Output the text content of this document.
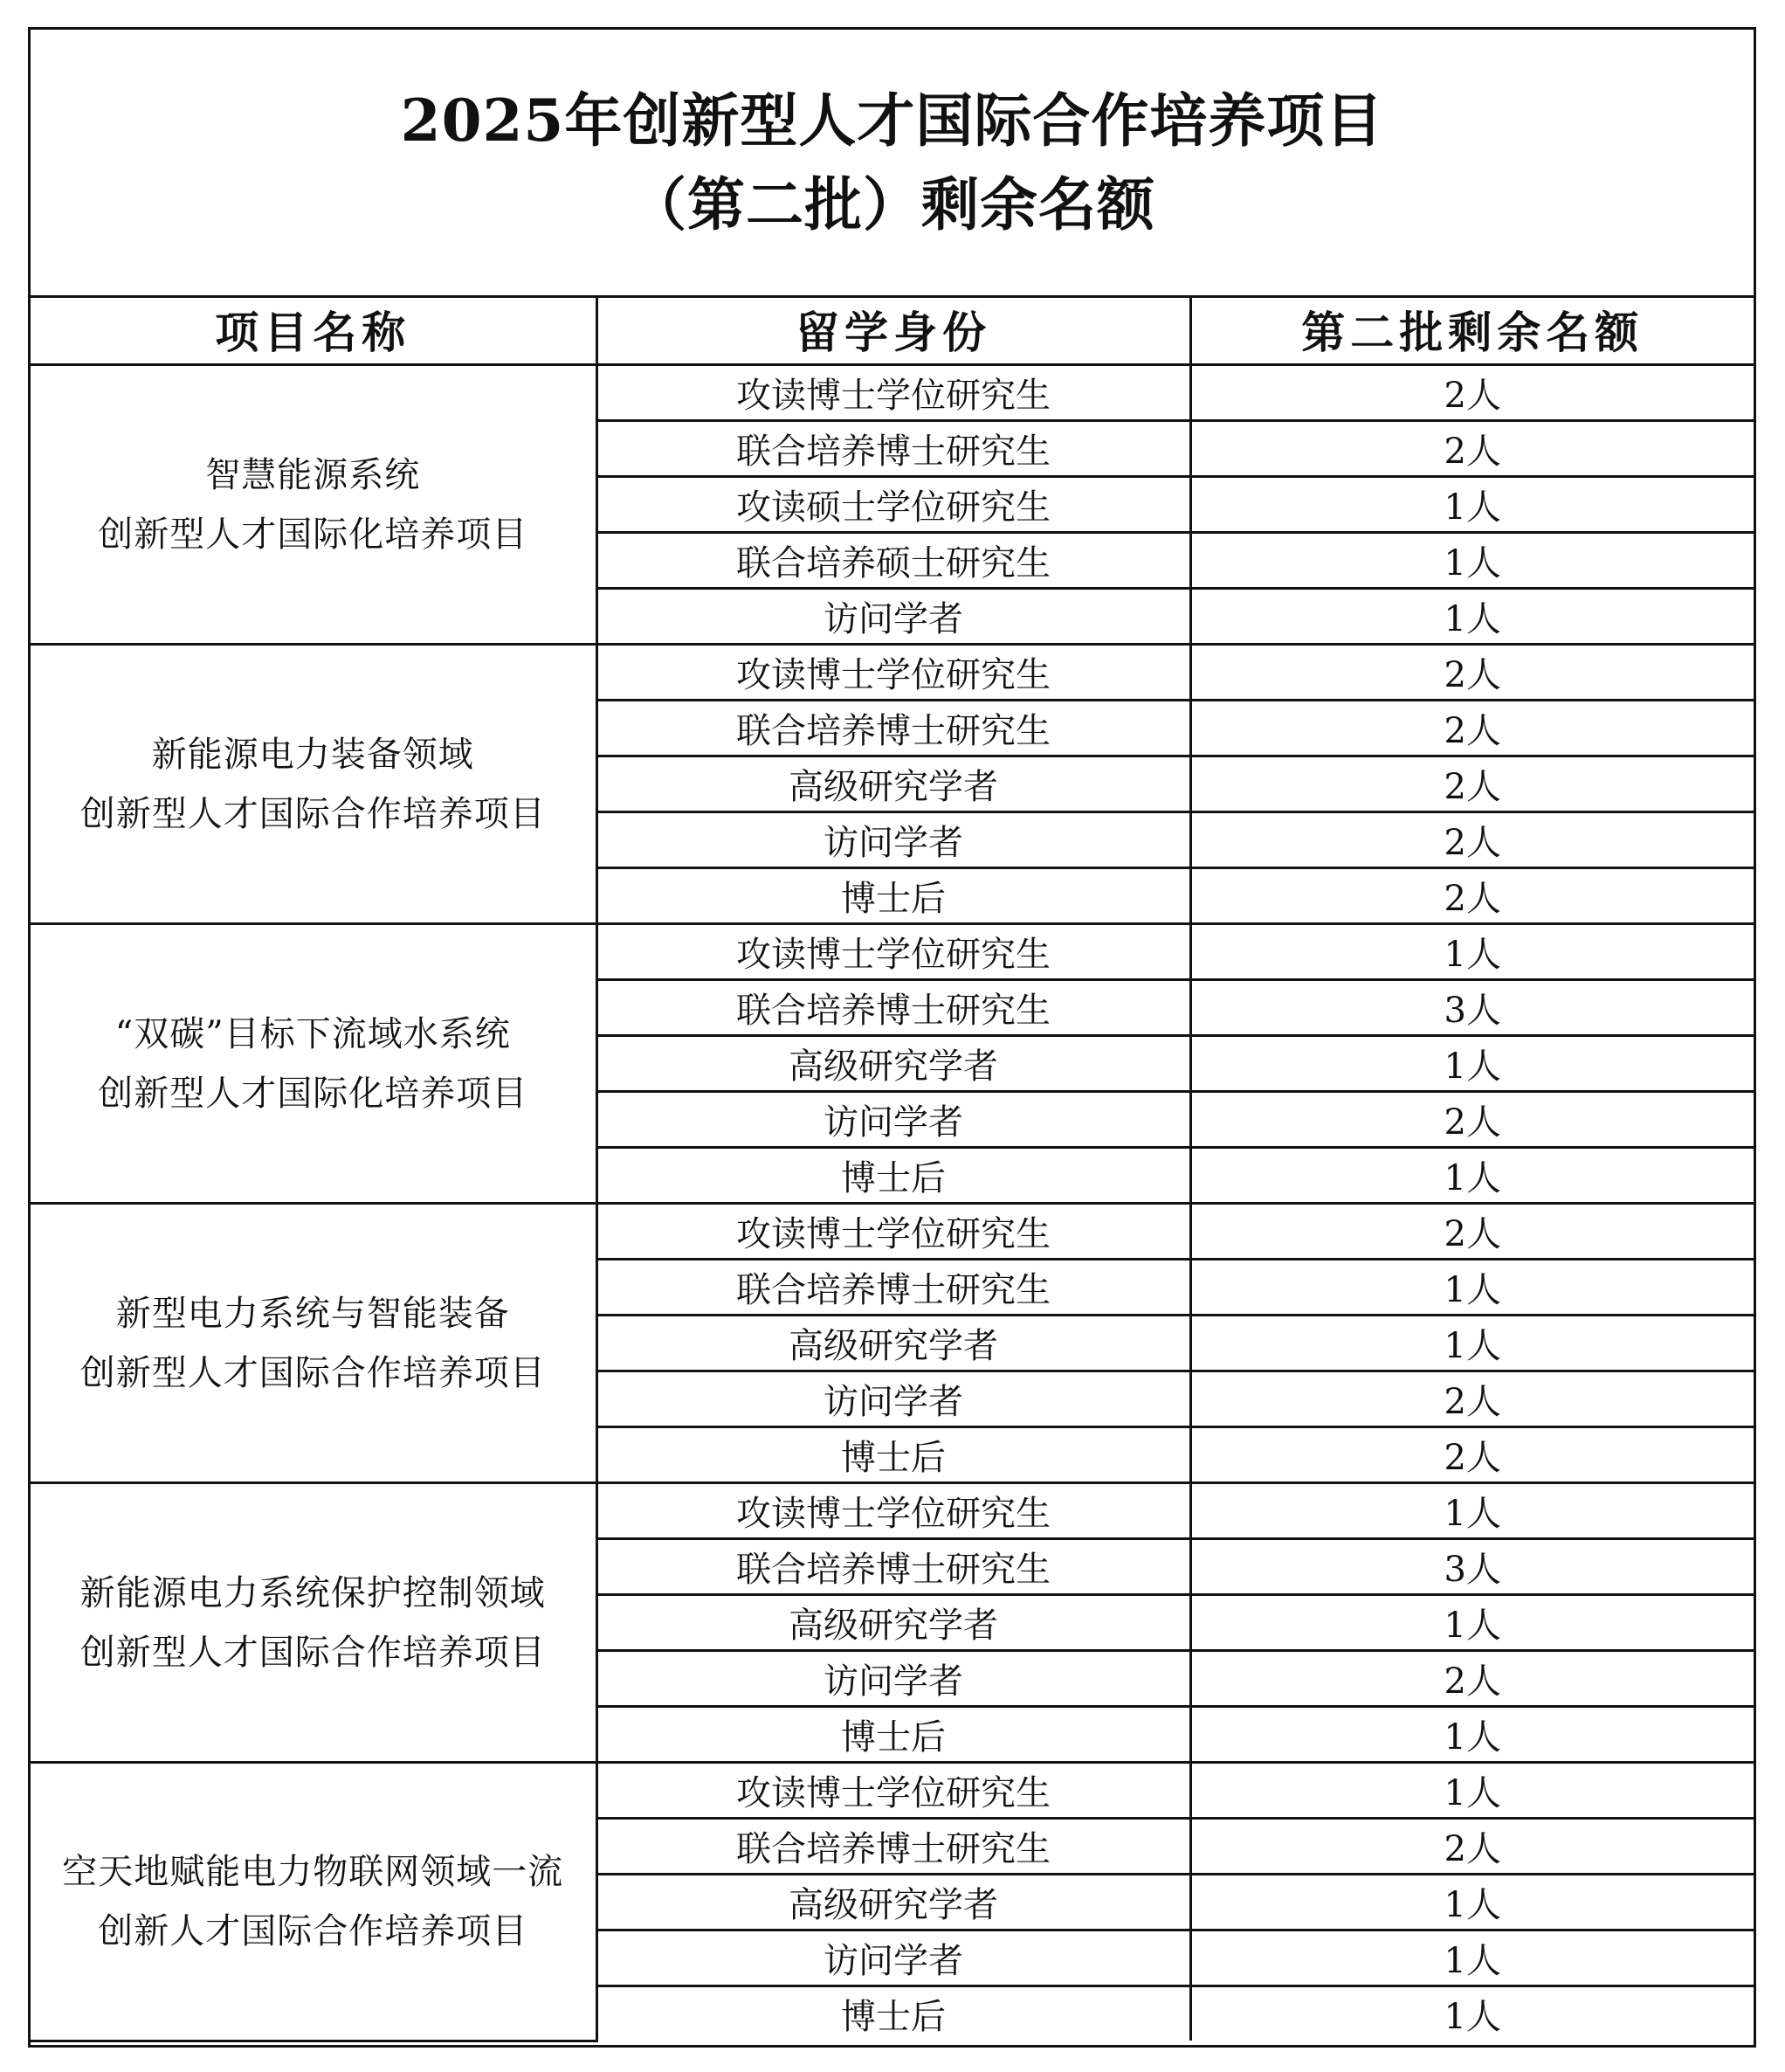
2025年创新型人才国际合作培养项目
（第二批）剩余名额
项目名称	留学身份	第二批剩余名额

智慧能源系统
创新型人才国际化培养项目	攻读博士学位研究生	2人
	联合培养博士研究生	2人
	攻读硕士学位研究生	1人
	联合培养硕士研究生	1人
	访问学者	1人

新能源电力装备领域
创新型人才国际合作培养项目	攻读博士学位研究生	2人
	联合培养博士研究生	2人
	高级研究学者	2人
	访问学者	2人
	博士后	2人

“双碳”目标下流域水系统
创新型人才国际化培养项目	攻读博士学位研究生	1人
	联合培养博士研究生	3人
	高级研究学者	1人
	访问学者	2人
	博士后	1人

新型电力系统与智能装备
创新型人才国际合作培养项目	攻读博士学位研究生	2人
	联合培养博士研究生	1人
	高级研究学者	1人
	访问学者	2人
	博士后	2人

新能源电力系统保护控制领域
创新型人才国际合作培养项目	攻读博士学位研究生	1人
	联合培养博士研究生	3人
	高级研究学者	1人
	访问学者	2人
	博士后	1人

空天地赋能电力物联网领域一流
创新人才国际合作培养项目	攻读博士学位研究生	1人
	联合培养博士研究生	2人
	高级研究学者	1人
	访问学者	1人
	博士后	1人
